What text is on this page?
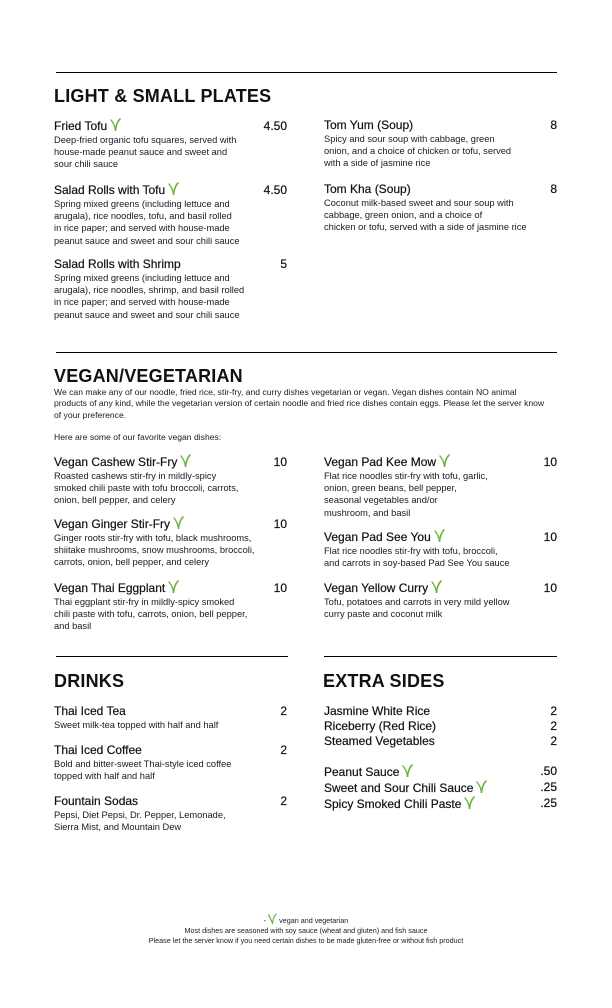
LIGHT & SMALL PLATES
Fried Tofu	4.50
Deep-fried organic tofu squares, served with
house-made peanut sauce and sweet and
sour chili sauce
Salad Rolls with Tofu	4.50
Spring mixed greens (including lettuce and
arugala), rice noodles, tofu, and basil rolled
in rice paper; and served with house-made
peanut sauce and sweet and sour chili sauce
Salad Rolls with Shrimp	5
Spring mixed greens (including lettuce and
arugala), rice noodles, shrimp, and basil rolled
in rice paper; and served with house-made
peanut sauce and sweet and sour chili sauce
Tom Yum (Soup)	8
Spicy and sour soup with cabbage, green
onion, and a choice of chicken or tofu, served
with a side of jasmine rice
Tom Kha (Soup)	8
Coconut milk-based sweet and sour soup with
cabbage, green onion, and a choice of
chicken or tofu, served with a side of jasmine rice
VEGAN/VEGETARIAN

We can make any of our noodle, fried rice, stir-fry, and curry dishes vegetarian or vegan. Vegan dishes contain NO animal
products of any kind, while the vegetarian version of certain noodle and fried rice dishes contain eggs. Please let the server know
of your preference.

Here are some of our favorite vegan dishes:

Vegan Cashew Stir-Fry	10
Roasted cashews stir-fry in mildly-spicy
smoked chili paste with tofu broccoli, carrots,
onion, bell pepper, and celery
Vegan Ginger Stir-Fry	10
Ginger roots stir-fry with tofu, black mushrooms,
shiitake mushrooms, snow mushrooms, broccoli,
carrots, onion, bell pepper, and celery
Vegan Thai Eggplant	10
Thai eggplant stir-fry in mildly-spicy smoked
chili paste with tofu, carrots, onion, bell pepper,
and basil
Vegan Pad Kee Mow	10
Flat rice noodles stir-fry with tofu, garlic,
onion, green beans, bell pepper,
seasonal vegetables and/or
mushroom, and basil
Vegan Pad See You	10
Flat rice noodles stir-fry with tofu, broccoli,
and carrots in soy-based Pad See You sauce
Vegan Yellow Curry	10
Tofu, potatoes and carrots in very mild yellow
curry paste and coconut milk
DRINKS
Thai Iced Tea	2
Sweet milk-tea topped with half and half
Thai Iced Coffee	2
Bold and bitter-sweet Thai-style iced coffee
topped with half and half
Fountain Sodas	2
Pepsi, Diet Pepsi, Dr. Pepper, Lemonade,
Sierra Mist, and Mountain Dew
EXTRA SIDES
Jasmine White Rice	2
Riceberry (Red Rice)	2
Steamed Vegetables	2
Peanut Sauce	.50
Sweet and Sour Chili Sauce	.25
Spicy Smoked Chili Paste	.25
-  vegan and vegetarian
Most dishes are seasoned with soy sauce (wheat and gluten) and fish sauce
Please let the server know if you need certain dishes to be made gluten-free or without fish product
